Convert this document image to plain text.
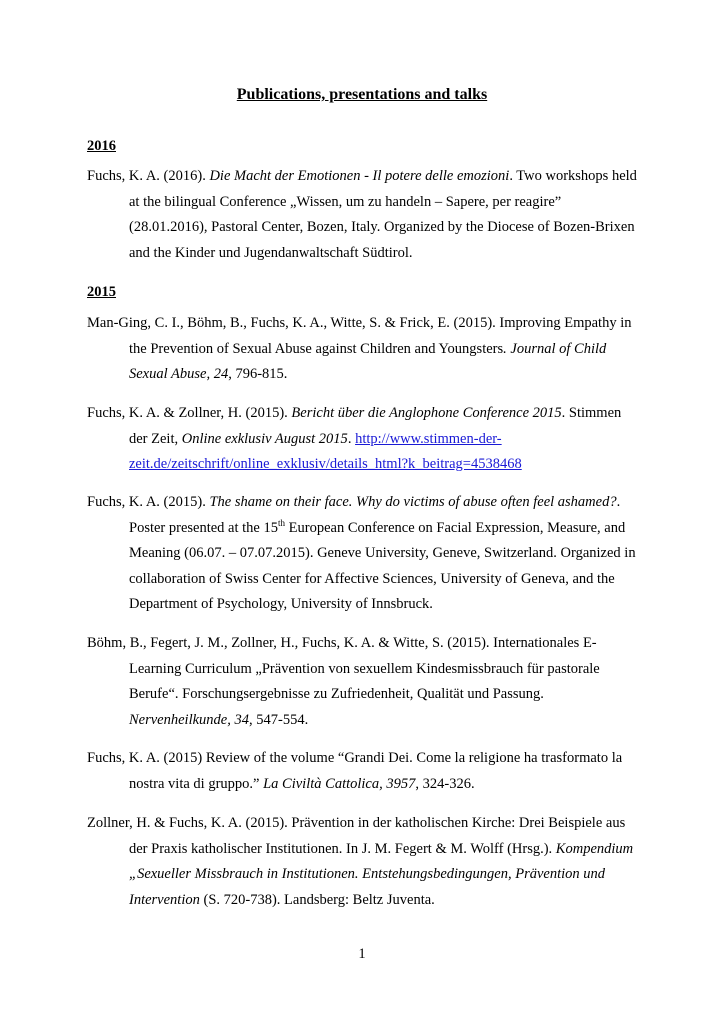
Publications, presentations and talks
2016
Fuchs, K. A. (2016). Die Macht der Emotionen - Il potere delle emozioni. Two workshops held at the bilingual Conference „Wissen, um zu handeln – Sapere, per reagire” (28.01.2016), Pastoral Center, Bozen, Italy. Organized by the Diocese of Bozen-Brixen and the Kinder und Jugendanwaltschaft Südtirol.
2015
Man-Ging, C. I., Böhm, B., Fuchs, K. A., Witte, S. & Frick, E. (2015). Improving Empathy in the Prevention of Sexual Abuse against Children and Youngsters. Journal of Child Sexual Abuse, 24, 796-815.
Fuchs, K. A. & Zollner, H. (2015). Bericht über die Anglophone Conference 2015. Stimmen der Zeit, Online exklusiv August 2015. http://www.stimmen-der-zeit.de/zeitschrift/online_exklusiv/details_html?k_beitrag=4538468
Fuchs, K. A. (2015). The shame on their face. Why do victims of abuse often feel ashamed?. Poster presented at the 15th European Conference on Facial Expression, Measure, and Meaning (06.07. – 07.07.2015). Geneve University, Geneve, Switzerland. Organized in collaboration of Swiss Center for Affective Sciences, University of Geneva, and the Department of Psychology, University of Innsbruck.
Böhm, B., Fegert, J. M., Zollner, H., Fuchs, K. A. & Witte, S. (2015). Internationales E-Learning Curriculum „Prävention von sexuellem Kindesmissbrauch für pastorale Berufe“. Forschungsergebnisse zu Zufriedenheit, Qualität und Passung. Nervenheilkunde, 34, 547-554.
Fuchs, K. A. (2015) Review of the volume “Grandi Dei. Come la religione ha trasformato la nostra vita di gruppo.” La Civiltà Cattolica, 3957, 324-326.
Zollner, H. & Fuchs, K. A. (2015). Prävention in der katholischen Kirche: Drei Beispiele aus der Praxis katholischer Institutionen. In J. M. Fegert & M. Wolff (Hrsg.). Kompendium „Sexueller Missbrauch in Institutionen. Entstehungsbedingungen, Prävention und Intervention (S. 720-738). Landsberg: Beltz Juventa.
1
